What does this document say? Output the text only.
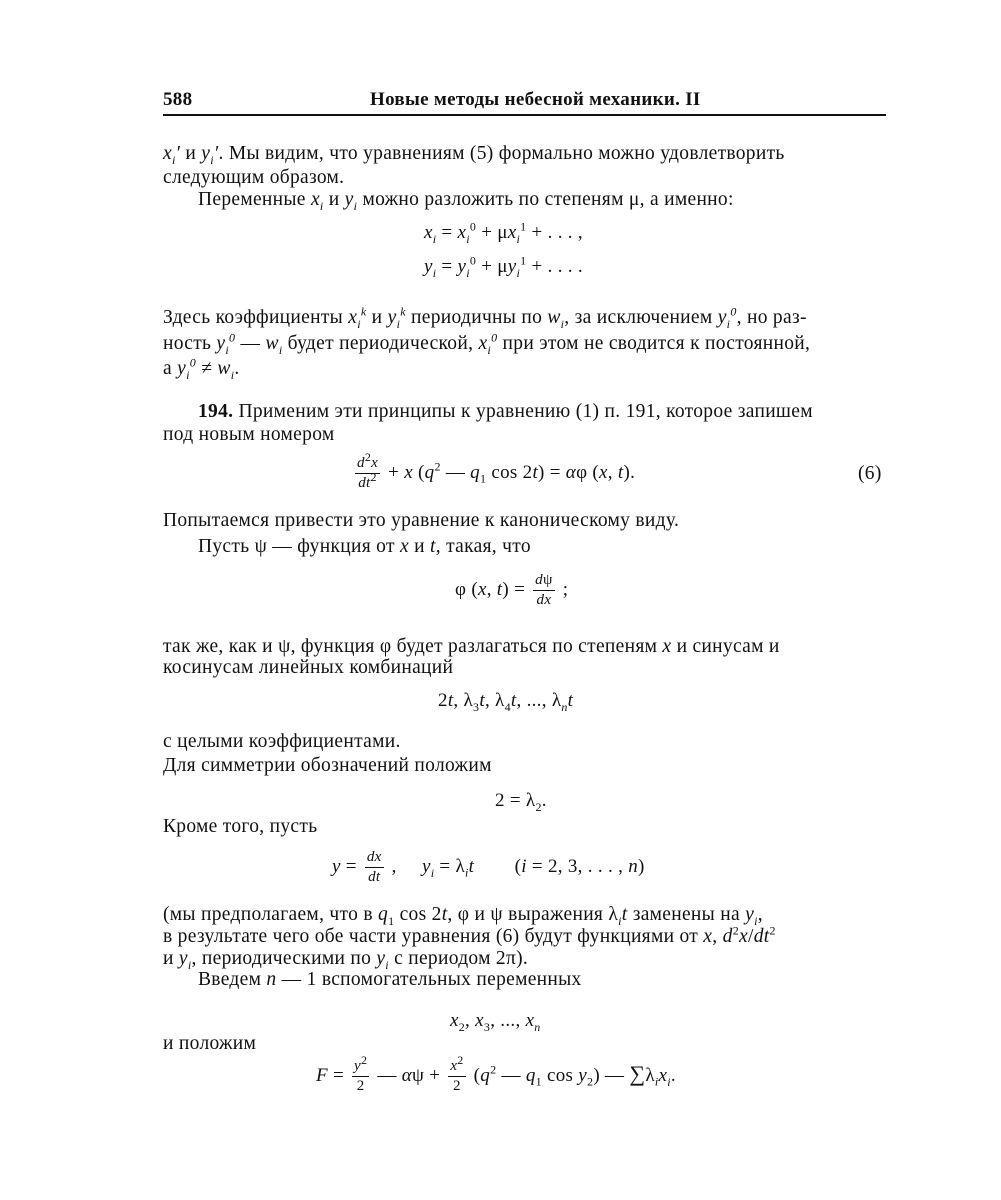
588	Новые методы небесной механики. II
$x_i'$ и $y_i'$. Мы видим, что уравнениям (5) формально можно удовлетворить
следующим образом.
Переменные $x_i$ и $y_i$ можно разложить по степеням μ, а именно:
$x_i = x_i^0 + \mu x_i^1$ + . . . ,
$y_i = y_i^0 + \mu y_i^1$ + . . . .
Здесь коэффициенты $x_i^k$ и $y_i^k$ периодичны по $w_i$, за исключением $y_i^0$, но раз-
ность $y_i^0$ — $w_i$ будет периодической, $x_i^0$ при этом не сводится к постоянной,
а $y_i^0 \ne w_i$.
194. Применим эти принципы к уравнению (1) п. 191, которое запишем
под новым номером
$\frac{d^2x}{dt^2} + x$ ($q^2$ — $q_1$ cos 2t) = αφ (x, t).	(6)
Попытаемся привести это уравнение к каноническому виду.
Пусть ψ — функция от x и t, такая, что
φ (x, $t) = \frac{d\psi}{dx}$ ;
так же, как и ψ, функция φ будет разлагаться по степеням x и синусам и
косинусам линейных комбинаций
2t, $\lambda_3t$, $\lambda_4t$, ..., $\lambda_nt$
с целыми коэффициентами.
Для симметрии обозначений положим
$2 = \lambda_2$.
Кроме того, пусть
$y = \frac{dx}{dt}$ ,     $y_i = \lambda_it$        (i = 2, 3, . . . , n)
(мы предполагаем, что в $q_1$ cos 2t, φ и ψ выражения $\lambda_it$ заменены на $y_i$,
в результате чего обе части уравнения (6) будут функциями от x, $d^2x/dt^2$
и $y_i$, периодическими по $y_i$ с периодом 2π).
Введем n — 1 вспомогательных переменных
$x_2$, $x_3$, ..., $x_n$
и положим
$F = \frac{y^2}{2}$ — $\alpha\psi + \frac{x^2}{2} (q^2$ — $q_1$ $\cos y_2$) — $\sum\lambda_ix_i$.
